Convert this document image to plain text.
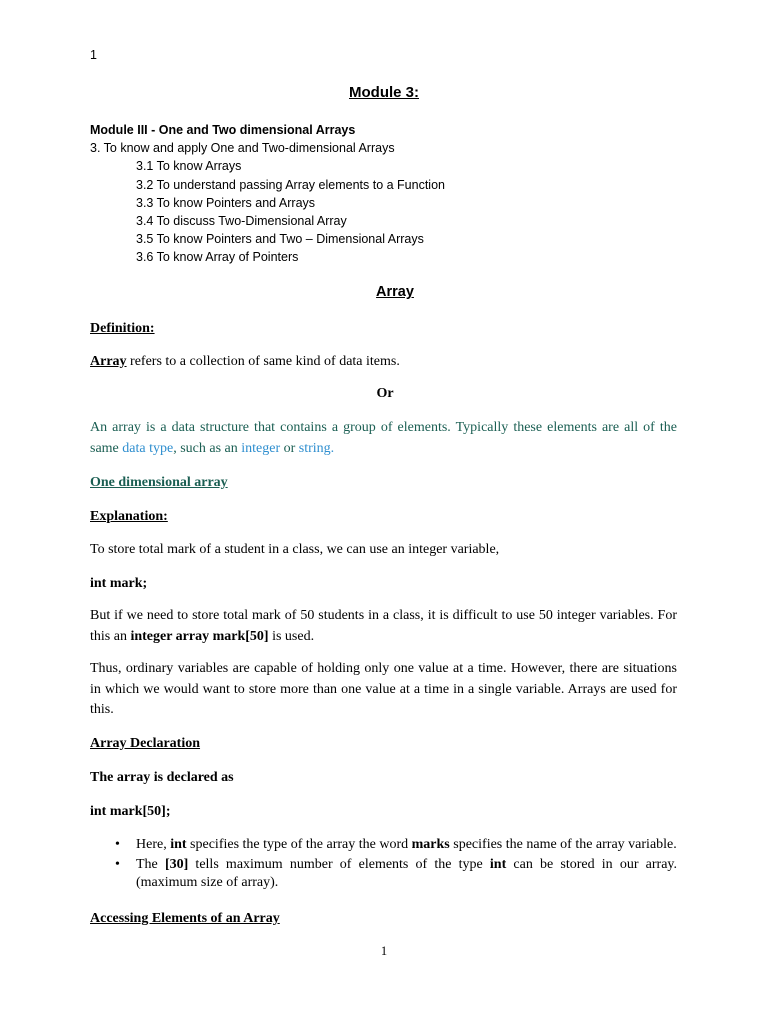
1
Module 3:
Module III - One and Two dimensional Arrays
3. To know and apply One and Two-dimensional Arrays
3.1 To know Arrays
3.2 To understand passing Array elements to a Function
3.3 To know Pointers and Arrays
3.4 To discuss Two-Dimensional Array
3.5 To know Pointers and Two – Dimensional Arrays
3.6 To know Array of Pointers
Array
Definition:
Array refers to a collection of same kind of data items.
Or
An array is a data structure that contains a group of elements. Typically these elements are all of the same data type, such as an integer or string.
One dimensional array
Explanation:
To store total mark of a student in a class, we can use an integer variable,
int mark;
But if we need to store total mark of 50 students in a class, it is difficult to use 50 integer variables. For this an integer array mark[50] is used.
Thus, ordinary variables are capable of holding only one value at a time. However, there are situations in which we would want to store more than one value at a time in a single variable. Arrays are used for this.
Array Declaration
The array is declared as
int mark[50];
• Here, int specifies the type of the array the word marks specifies the name of the array variable.
• The [30] tells maximum number of elements of the type int can be stored in our array. (maximum size of array).
Accessing Elements of an Array
1
